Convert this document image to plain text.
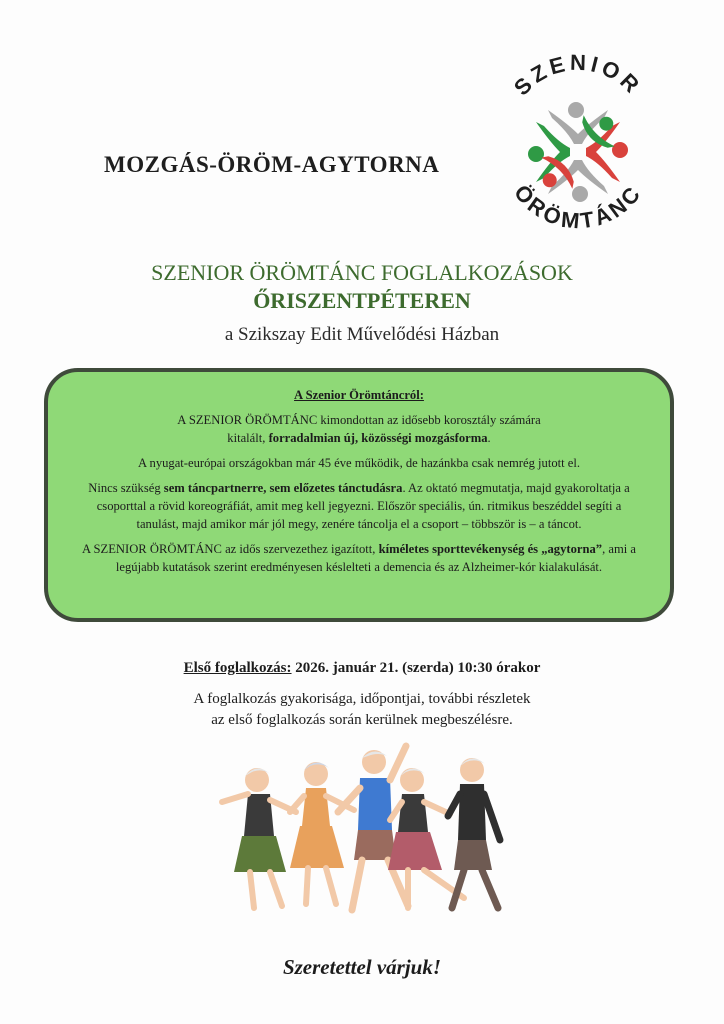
MOZGÁS-ÖRÖM-AGYTORNA
SZENIOR
ÖRÖMTÁNC
SZENIOR ÖRÖMTÁNC FOGLALKOZÁSOK
ŐRISZENTPÉTEREN
a Szikszay Edit Művelődési Házban

A Szenior Örömtáncról:

A SZENIOR ÖRÖMTÁNC kimondottan az idősebb korosztály számára
kitalált, forradalmian új, közösségi mozgásforma.

A nyugat-európai országokban már 45 éve működik, de hazánkba csak nemrég jutott el.

Nincs szükség sem táncpartnerre, sem előzetes tánctudásra. Az oktató megmutatja, majd gyakoroltatja a csoporttal a rövid koreográfiát, amit meg kell jegyezni. Először speciális, ún. ritmikus beszéddel segíti a tanulást, majd amikor már jól megy, zenére táncolja el a csoport – többször is – a táncot.

A SZENIOR ÖRÖMTÁNC az idős szervezethez igazított, kíméletes sporttevékenység és „agytorna”, ami a legújabb kutatások szerint eredményesen késlelteti a demencia és az Alzheimer-kór kialakulását.

Első foglalkozás: 2026. január 21. (szerda) 10:30 órakor
A foglalkozás gyakorisága, időpontjai, további részletek
az első foglalkozás során kerülnek megbeszélésre.
Szeretettel várjuk!
